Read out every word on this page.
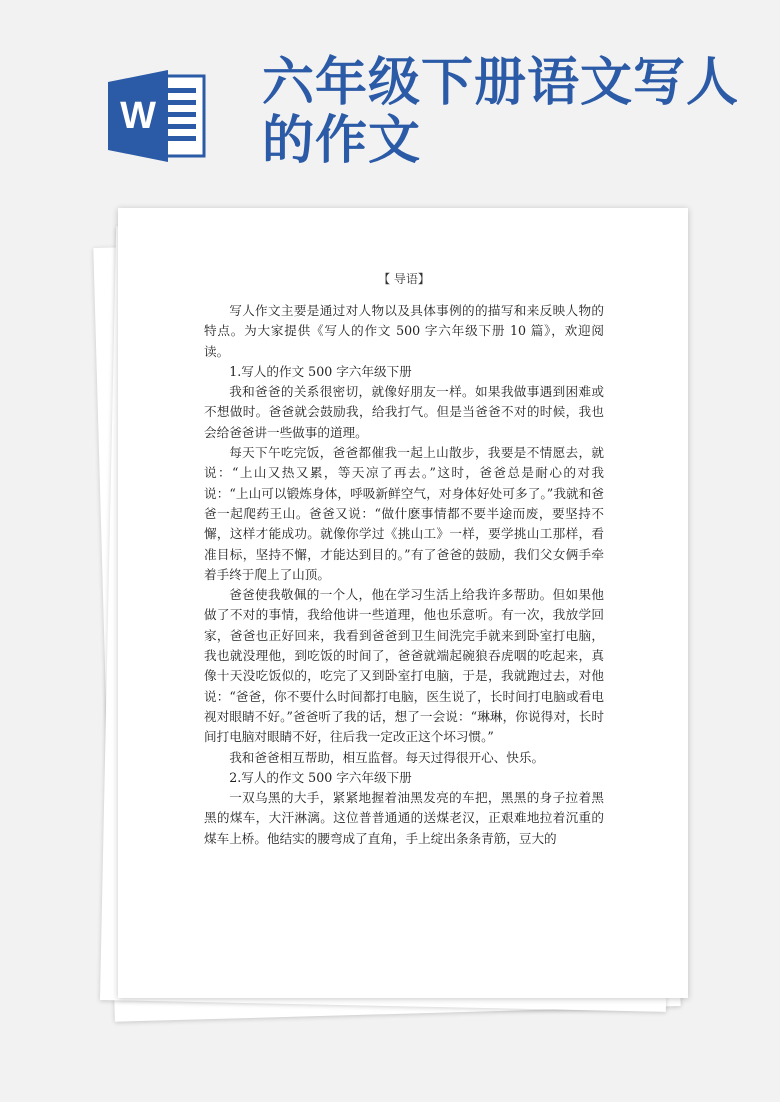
W
六年级下册语文写人的作文
【 导语】

写人作文主要是通过对人物以及具体事例的的描写和来反映人物的特点。为大家提供《写人的作文 500 字六年级下册 10 篇》，欢迎阅读。

1.写人的作文 500 字六年级下册

我和爸爸的关系很密切，就像好朋友一样。如果我做事遇到困难或不想做时。爸爸就会鼓励我，给我打气。但是当爸爸不对的时候，我也会给爸爸讲一些做事的道理。

每天下午吃完饭，爸爸都催我一起上山散步，我要是不情愿去，就说：“上山又热又累，等天凉了再去。”这时，爸爸总是耐心的对我说：“上山可以锻炼身体，呼吸新鲜空气，对身体好处可多了。”我就和爸爸一起爬药王山。爸爸又说：“做什麽事情都不要半途而废，要坚持不懈，这样才能成功。就像你学过《挑山工》一样，要学挑山工那样，看准目标，坚持不懈，才能达到目的。”有了爸爸的鼓励，我们父女俩手牵着手终于爬上了山顶。

爸爸使我敬佩的一个人，他在学习生活上给我许多帮助。但如果他做了不对的事情，我给他讲一些道理，他也乐意听。有一次，我放学回家，爸爸也正好回来，我看到爸爸到卫生间洗完手就来到卧室打电脑，我也就没理他，到吃饭的时间了，爸爸就端起碗狼吞虎咽的吃起来，真像十天没吃饭似的，吃完了又到卧室打电脑，于是，我就跑过去，对他说：“爸爸，你不要什么时间都打电脑，医生说了，长时间打电脑或看电视对眼睛不好。”爸爸听了我的话，想了一会说：“琳琳，你说得对，长时间打电脑对眼睛不好，往后我一定改正这个坏习惯。”

我和爸爸相互帮助，相互监督。每天过得很开心、快乐。

2.写人的作文 500 字六年级下册

一双乌黑的大手，紧紧地握着油黑发亮的车把，黑黑的身子拉着黑黑的煤车，大汗淋漓。这位普普通通的送煤老汉，正艰难地拉着沉重的煤车上桥。他结实的腰弯成了直角，手上绽出条条青筋，豆大的
